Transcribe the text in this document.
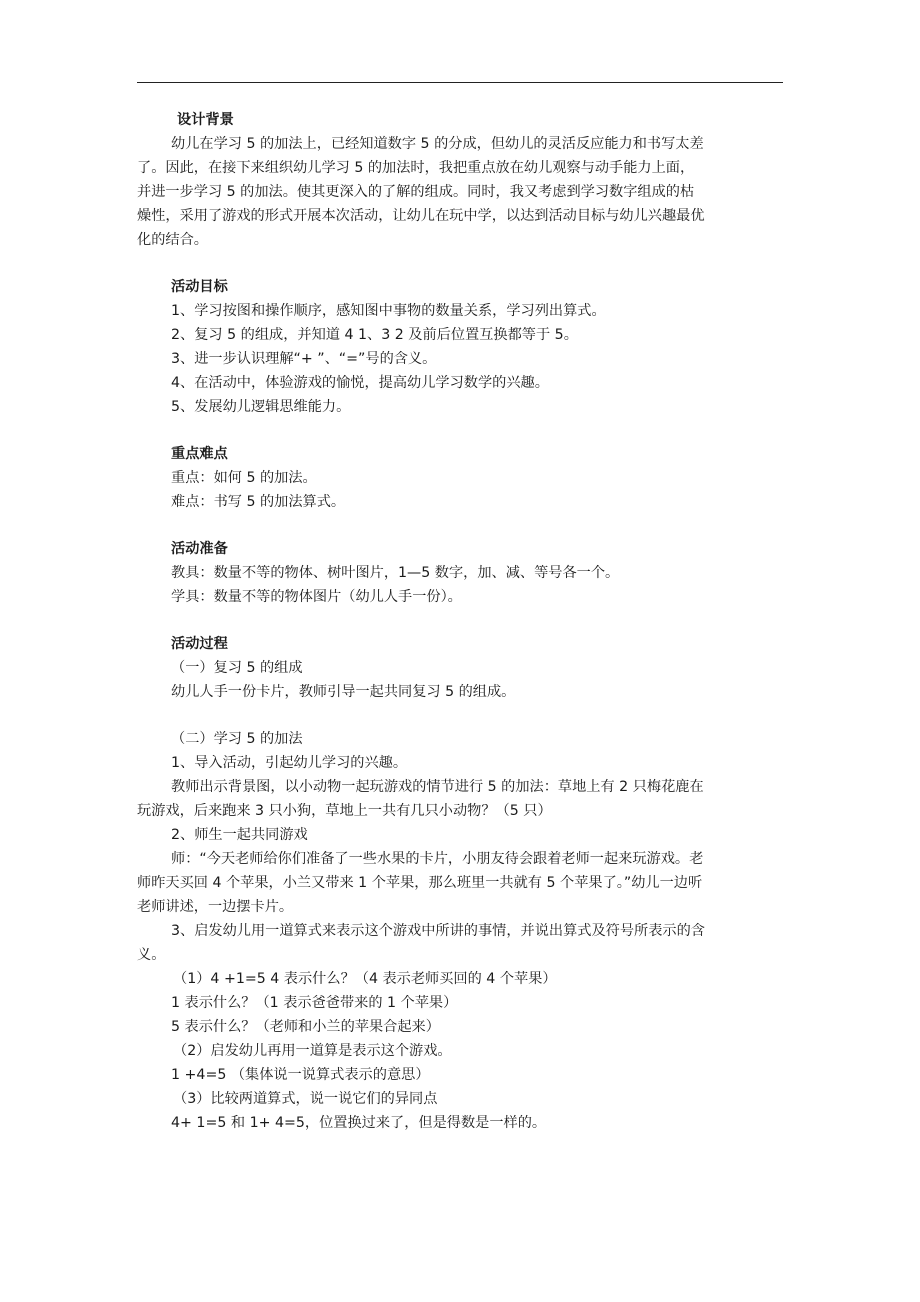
设计背景
幼儿在学习 5 的加法上，已经知道数字 5 的分成，但幼儿的灵活反应能力和书写太差
了。因此，在接下来组织幼儿学习 5 的加法时，我把重点放在幼儿观察与动手能力上面，
并进一步学习 5 的加法。使其更深入的了解的组成。同时，我又考虑到学习数字组成的枯
燥性，采用了游戏的形式开展本次活动，让幼儿在玩中学，以达到活动目标与幼儿兴趣最优
化的结合。
活动目标
1、学习按图和操作顺序，感知图中事物的数量关系，学习列出算式。
2、复习 5 的组成，并知道 4 1、3 2 及前后位置互换都等于 5。
3、进一步认识理解“+ ”、“=”号的含义。
4、在活动中，体验游戏的愉悦，提高幼儿学习数学的兴趣。
5、发展幼儿逻辑思维能力。
重点难点
重点：如何 5 的加法。
难点：书写 5 的加法算式。
活动准备
教具：数量不等的物体、树叶图片，1—5 数字，加、减、等号各一个。
学具：数量不等的物体图片（幼儿人手一份）。
活动过程
（一）复习 5 的组成
幼儿人手一份卡片，教师引导一起共同复习 5 的组成。
（二）学习 5 的加法
1、导入活动，引起幼儿学习的兴趣。
教师出示背景图，以小动物一起玩游戏的情节进行 5 的加法：草地上有 2 只梅花鹿在
玩游戏，后来跑来 3 只小狗，草地上一共有几只小动物？（5 只）
2、师生一起共同游戏
师：“今天老师给你们准备了一些水果的卡片，小朋友待会跟着老师一起来玩游戏。老
师昨天买回 4 个苹果，小兰又带来 1 个苹果，那么班里一共就有 5 个苹果了。”幼儿一边听
老师讲述，一边摆卡片。
3、启发幼儿用一道算式来表示这个游戏中所讲的事情，并说出算式及符号所表示的含
义。
（1）4 +1=5 4 表示什么？（4 表示老师买回的 4 个苹果）
1 表示什么？（1 表示爸爸带来的 1 个苹果）
5 表示什么？（老师和小兰的苹果合起来）
（2）启发幼儿再用一道算是表示这个游戏。
1 +4=5 （集体说一说算式表示的意思）
（3）比较两道算式，说一说它们的异同点
4+ 1=5 和 1+ 4=5，位置换过来了，但是得数是一样的。
